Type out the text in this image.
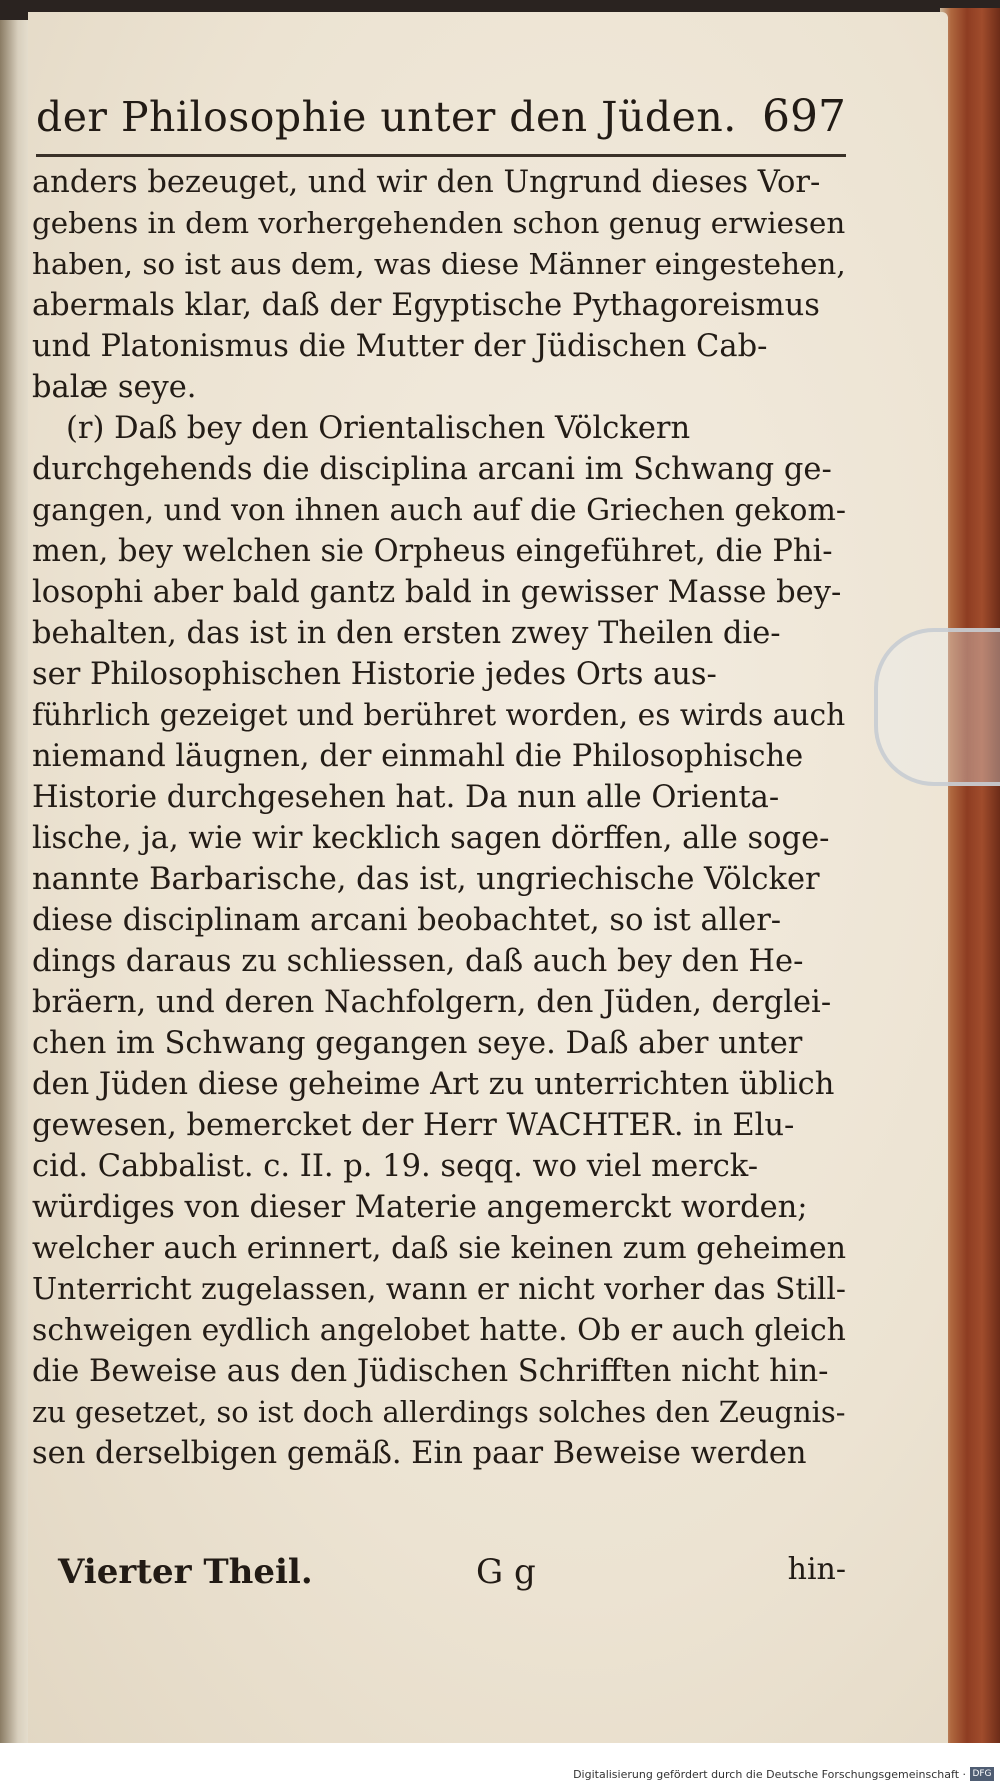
der Philosophie unter den Jüden. 697
anders bezeuget, und wir den Ungrund dieses Vor-
gebens in dem vorhergehenden schon genug erwiesen
haben, so ist aus dem, was diese Männer eingestehen,
abermals klar, daß der Egyptische Pythagoreismus
und Platonismus die Mutter der Jüdischen Cab-
balæ seye.
(r) Daß bey den Orientalischen Völckern
durchgehends die disciplina arcani im Schwang ge-
gangen, und von ihnen auch auf die Griechen gekom-
men, bey welchen sie Orpheus eingeführet, die Phi-
losophi aber bald gantz bald in gewisser Masse bey-
behalten, das ist in den ersten zwey Theilen die-
ser Philosophischen Historie jedes Orts aus-
führlich gezeiget und berühret worden, es wirds auch
niemand läugnen, der einmahl die Philosophische
Historie durchgesehen hat. Da nun alle Orienta-
lische, ja, wie wir kecklich sagen dörffen, alle soge-
nannte Barbarische, das ist, ungriechische Völcker
diese disciplinam arcani beobachtet, so ist aller-
dings daraus zu schliessen, daß auch bey den He-
bräern, und deren Nachfolgern, den Jüden, derglei-
chen im Schwang gegangen seye. Daß aber unter
den Jüden diese geheime Art zu unterrichten üblich
gewesen, bemercket der Herr WACHTER. in Elu-
cid. Cabbalist. c. II. p. 19. seqq. wo viel merck-
würdiges von dieser Materie angemerckt worden;
welcher auch erinnert, daß sie keinen zum geheimen
Unterricht zugelassen, wann er nicht vorher das Still-
schweigen eydlich angelobet hatte. Ob er auch gleich
die Beweise aus den Jüdischen Schrifften nicht hin-
zu gesetzet, so ist doch allerdings solches den Zeugnis-
sen derselbigen gemäß. Ein paar Beweise werden
Vierter Theil.	G g	hin-
Digitalisierung gefördert durch die Deutsche Forschungsgemeinschaft · DFG
